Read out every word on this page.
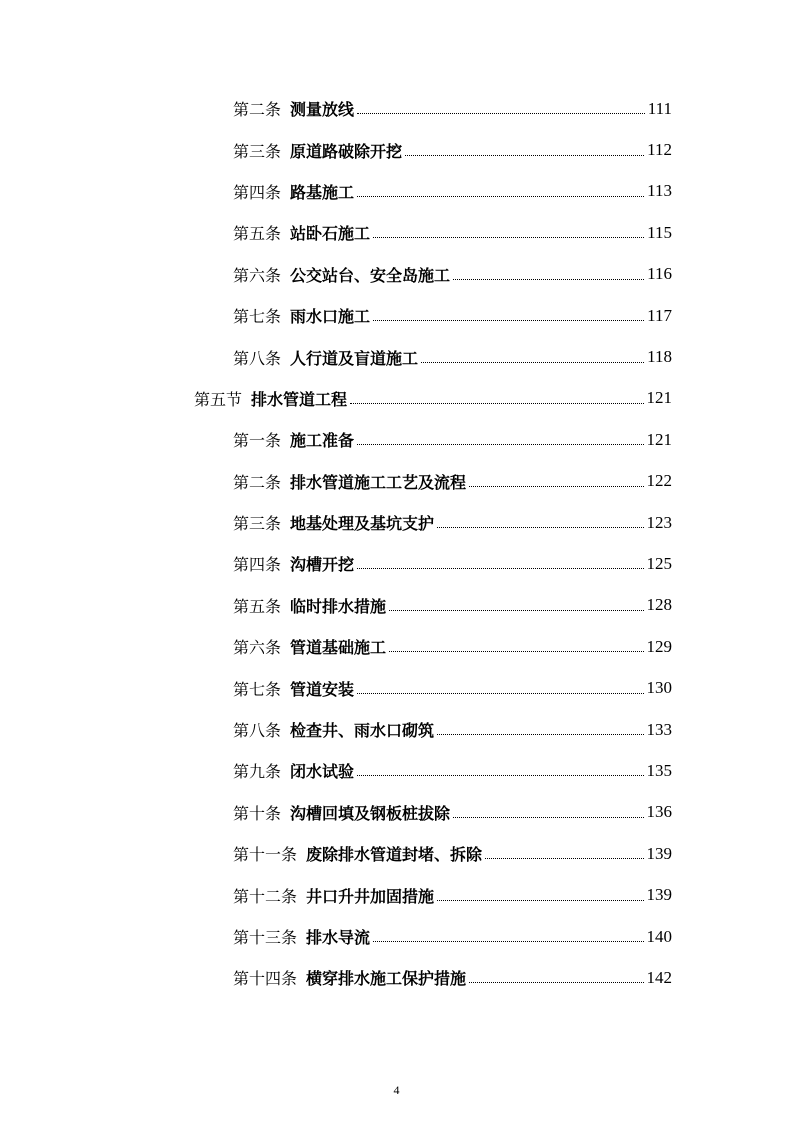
第二条 测量放线	111
第三条 原道路破除开挖	112
第四条 路基施工	113
第五条 站卧石施工	115
第六条 公交站台、安全岛施工	116
第七条 雨水口施工	117
第八条 人行道及盲道施工	118
第五节 排水管道工程	121
第一条 施工准备	121
第二条 排水管道施工工艺及流程	122
第三条 地基处理及基坑支护	123
第四条 沟槽开挖	125
第五条 临时排水措施	128
第六条 管道基础施工	129
第七条 管道安装	130
第八条 检查井、雨水口砌筑	133
第九条 闭水试验	135
第十条 沟槽回填及钢板桩拔除	136
第十一条 废除排水管道封堵、拆除	139
第十二条 井口升井加固措施	139
第十三条 排水导流	140
第十四条 横穿排水施工保护措施	142
4
